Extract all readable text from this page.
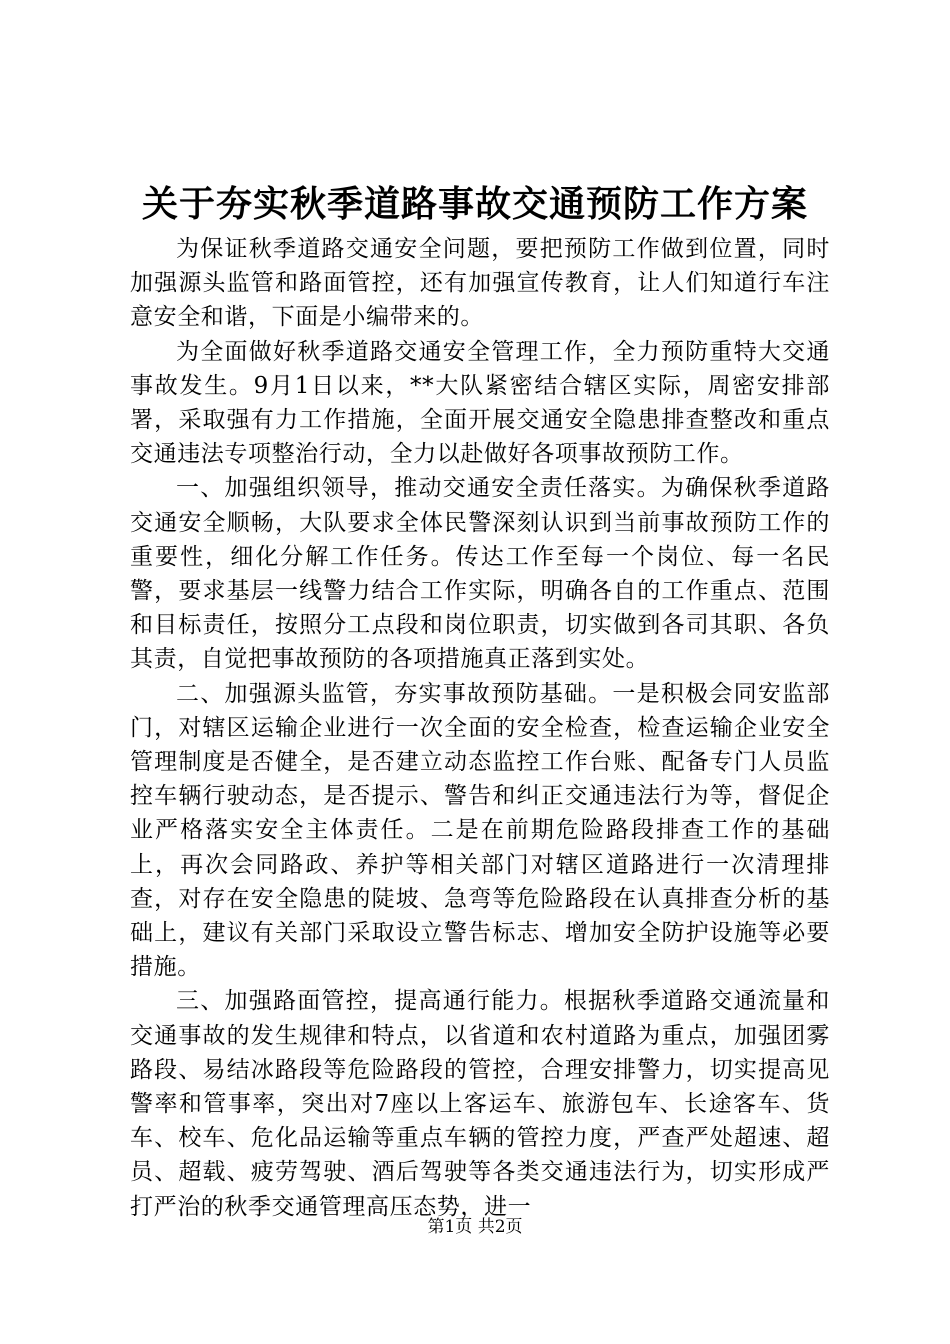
关于夯实秋季道路事故交通预防工作方案

为保证秋季道路交通安全问题，要把预防工作做到位置，同时加强源头监管和路面管控，还有加强宣传教育，让人们知道行车注意安全和谐，下面是小编带来的。

为全面做好秋季道路交通安全管理工作，全力预防重特大交通事故发生。9月1日以来，**大队紧密结合辖区实际，周密安排部署，采取强有力工作措施，全面开展交通安全隐患排查整改和重点交通违法专项整治行动，全力以赴做好各项事故预防工作。

一、加强组织领导，推动交通安全责任落实。为确保秋季道路交通安全顺畅，大队要求全体民警深刻认识到当前事故预防工作的重要性，细化分解工作任务。传达工作至每一个岗位、每一名民警，要求基层一线警力结合工作实际，明确各自的工作重点、范围和目标责任，按照分工点段和岗位职责，切实做到各司其职、各负其责，自觉把事故预防的各项措施真正落到实处。

二、加强源头监管，夯实事故预防基础。一是积极会同安监部门，对辖区运输企业进行一次全面的安全检查，检查运输企业安全管理制度是否健全，是否建立动态监控工作台账、配备专门人员监控车辆行驶动态，是否提示、警告和纠正交通违法行为等，督促企业严格落实安全主体责任。二是在前期危险路段排查工作的基础上，再次会同路政、养护等相关部门对辖区道路进行一次清理排查，对存在安全隐患的陡坡、急弯等危险路段在认真排查分析的基础上，建议有关部门采取设立警告标志、增加安全防护设施等必要措施。

三、加强路面管控，提高通行能力。根据秋季道路交通流量和交通事故的发生规律和特点，以省道和农村道路为重点，加强团雾路段、易结冰路段等危险路段的管控，合理安排警力，切实提高见警率和管事率，突出对7座以上客运车、旅游包车、长途客车、货车、校车、危化品运输等重点车辆的管控力度，严查严处超速、超员、超载、疲劳驾驶、酒后驾驶等各类交通违法行为，切实形成严打严治的秋季交通管理高压态势，进一

第1页 共2页
